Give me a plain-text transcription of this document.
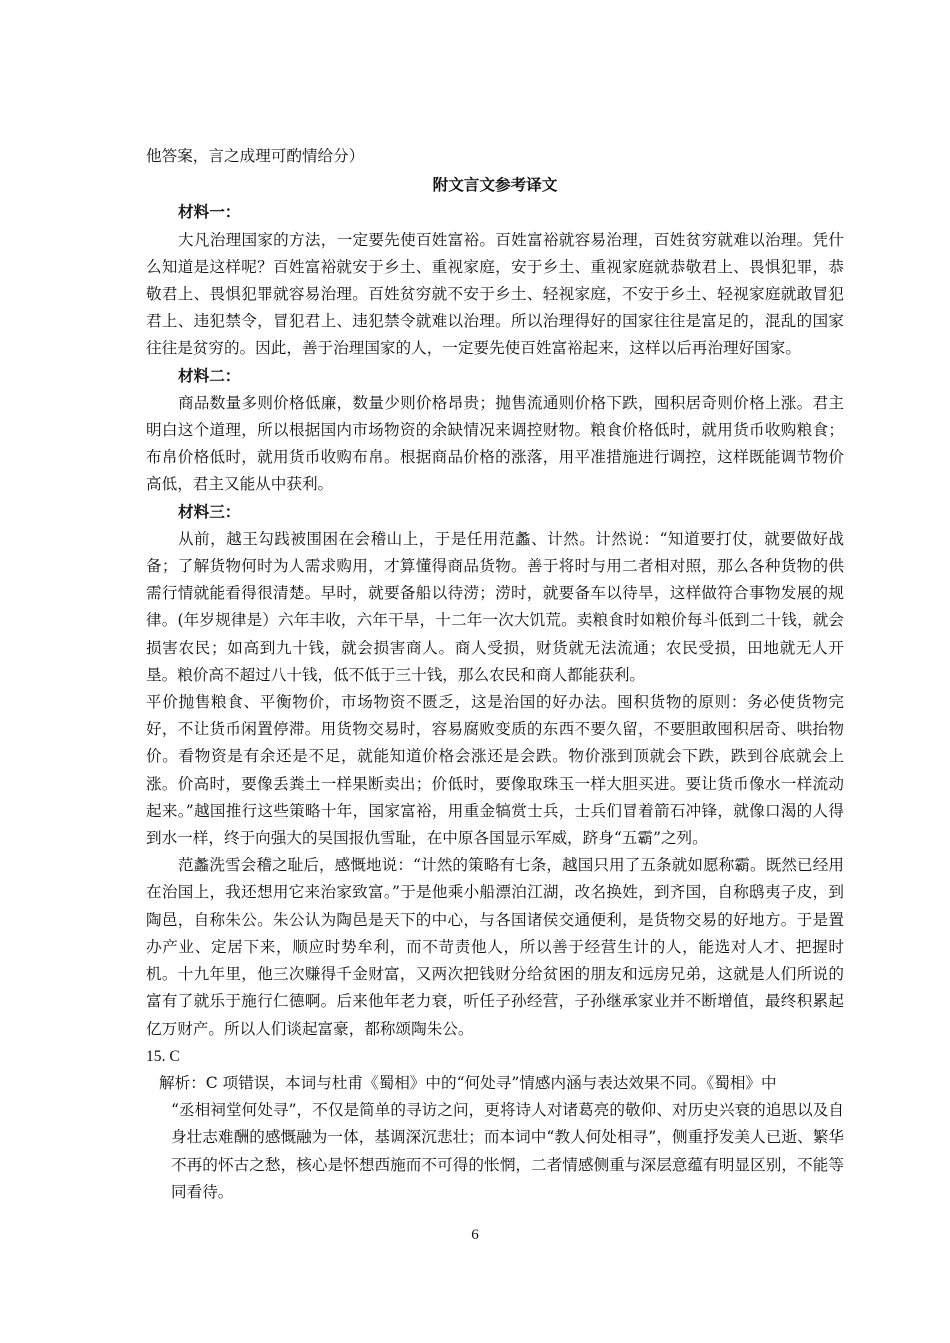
他答案，言之成理可酌情给分）

附文言文参考译文

材料一：

大凡治理国家的方法，一定要先使百姓富裕。百姓富裕就容易治理，百姓贫穷就难以治理。凭什么知道是这样呢？百姓富裕就安于乡土、重视家庭，安于乡土、重视家庭就恭敬君上、畏惧犯罪，恭敬君上、畏惧犯罪就容易治理。百姓贫穷就不安于乡土、轻视家庭，不安于乡土、轻视家庭就敢冒犯君上、违犯禁令，冒犯君上、违犯禁令就难以治理。所以治理得好的国家往往是富足的，混乱的国家往往是贫穷的。因此，善于治理国家的人，一定要先使百姓富裕起来，这样以后再治理好国家。

材料二：

商品数量多则价格低廉，数量少则价格昂贵；抛售流通则价格下跌，囤积居奇则价格上涨。君主明白这个道理，所以根据国内市场物资的余缺情况来调控财物。粮食价格低时，就用货币收购粮食；布帛价格低时，就用货币收购布帛。根据商品价格的涨落，用平准措施进行调控，这样既能调节物价高低，君主又能从中获利。

材料三：

从前，越王勾践被围困在会稽山上，于是任用范蠡、计然。计然说：“知道要打仗，就要做好战备；了解货物何时为人需求购用，才算懂得商品货物。善于将时与用二者相对照，那么各种货物的供需行情就能看得很清楚。早时，就要备船以待涝；涝时，就要备车以待旱，这样做符合事物发展的规律。(年岁规律是）六年丰收，六年干旱，十二年一次大饥荒。卖粮食时如粮价每斗低到二十钱，就会损害农民；如高到九十钱，就会损害商人。商人受损，财货就无法流通；农民受损，田地就无人开垦。粮价高不超过八十钱，低不低于三十钱，那么农民和商人都能获利。

平价抛售粮食、平衡物价，市场物资不匮乏，这是治国的好办法。囤积货物的原则：务必使货物完好，不让货币闲置停滞。用货物交易时，容易腐败变质的东西不要久留，不要胆敢囤积居奇、哄抬物价。看物资是有余还是不足，就能知道价格会涨还是会跌。物价涨到顶就会下跌，跌到谷底就会上涨。价高时，要像丢粪土一样果断卖出；价低时，要像取珠玉一样大胆买进。要让货币像水一样流动起来。”越国推行这些策略十年，国家富裕，用重金犒赏士兵，士兵们冒着箭石冲锋，就像口渴的人得到水一样，终于向强大的吴国报仇雪耻，在中原各国显示军威，跻身“五霸”之列。

范蠡洗雪会稽之耻后，感慨地说：“计然的策略有七条，越国只用了五条就如愿称霸。既然已经用在治国上，我还想用它来治家致富。”于是他乘小船漂泊江湖，改名换姓，到齐国，自称鸱夷子皮，到陶邑，自称朱公。朱公认为陶邑是天下的中心，与各国诸侯交通便利，是货物交易的好地方。于是置办产业、定居下来，顺应时势牟利，而不苛责他人，所以善于经营生计的人，能选对人才、把握时机。十九年里，他三次赚得千金财富，又两次把钱财分给贫困的朋友和远房兄弟，这就是人们所说的富有了就乐于施行仁德啊。后来他年老力衰，听任子孙经营，子孙继承家业并不断增值，最终积累起亿万财产。所以人们谈起富豪，都称颂陶朱公。

15. C

解析：C 项错误，本词与杜甫《蜀相》中的“何处寻”情感内涵与表达效果不同。《蜀相》中

“丞相祠堂何处寻”，不仅是简单的寻访之问，更将诗人对诸葛亮的敬仰、对历史兴衰的追思以及自身壮志难酬的感慨融为一体，基调深沉悲壮；而本词中“教人何处相寻”，侧重抒发美人已逝、繁华不再的怀古之愁，核心是怀想西施而不可得的怅惘，二者情感侧重与深层意蕴有明显区别，不能等同看待。

6
